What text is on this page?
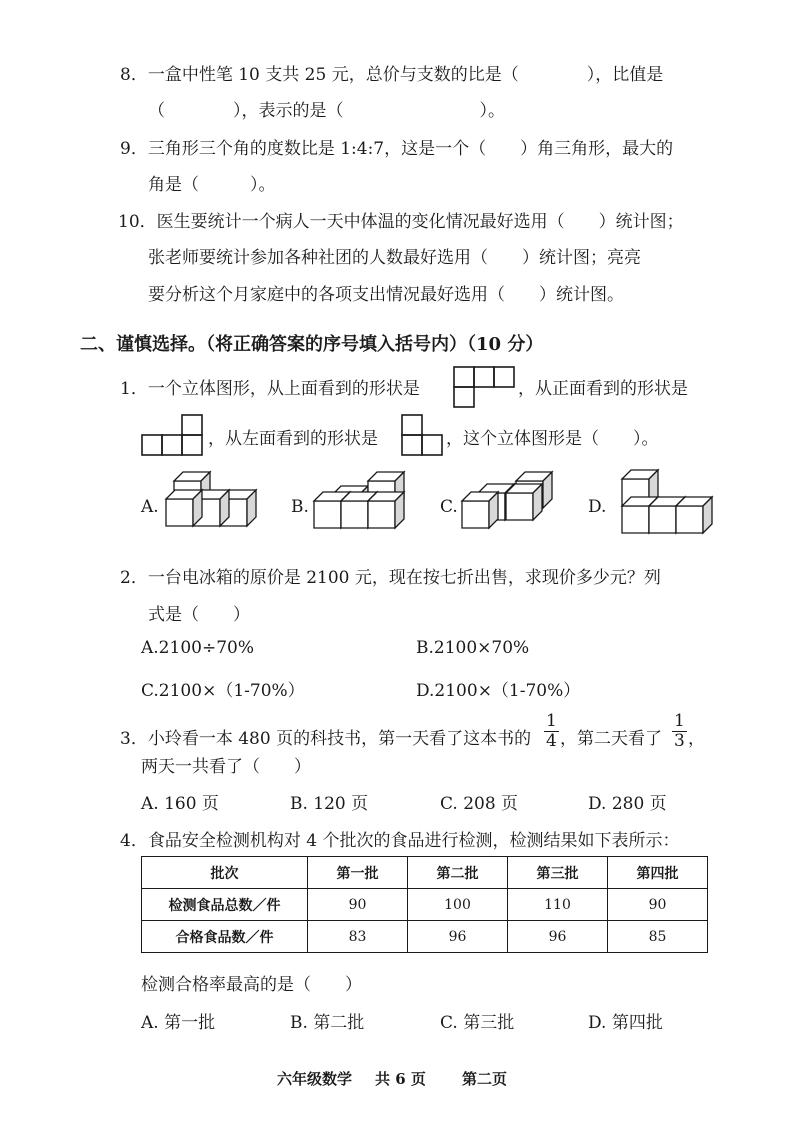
8．一盒中性笔 10 支共 25 元，总价与支数的比是（　　　　），比值是
（　　　　），表示的是（　　　　　　　　）。
9．三角形三个角的度数比是 1:4:7，这是一个（　　）角三角形，最大的
角是（　　　）。
10．医生要统计一个病人一天中体温的变化情况最好选用（　　）统计图；
张老师要统计参加各种社团的人数最好选用（　　）统计图；亮亮
要分析这个月家庭中的各项支出情况最好选用（　　）统计图。
二、谨慎选择。（将正确答案的序号填入括号内）（10 分）
1．一个立体图形，从上面看到的形状是	，从正面看到的形状是
，从左面看到的形状是	，这个立体图形是（　　）。
A.	B.	C.	D.
2．一台电冰箱的原价是 2100 元，现在按七折出售，求现价多少元？列
式是（　　）
A.2100÷70%	B.2100×70%
C.2100×（1-70%）	D.2100×（1-70%）
3．小玲看一本 480 页的科技书，第一天看了这本书的 $\frac{1}{4}$ ，第二天看了 $\frac{1}{3}$ ，
两天一共看了（　　）
A. 160 页	B. 120 页	C. 208 页	D. 280 页
4．食品安全检测机构对 4 个批次的食品进行检测，检测结果如下表所示：
批次	第一批	第二批	第三批	第四批
检测食品总数／件	90	100	110	90
合格食品数／件	83	96	96	85
检测合格率最高的是（　　）
A. 第一批	B. 第二批	C. 第三批	D. 第四批
六年级数学 共 6 页 第二页
